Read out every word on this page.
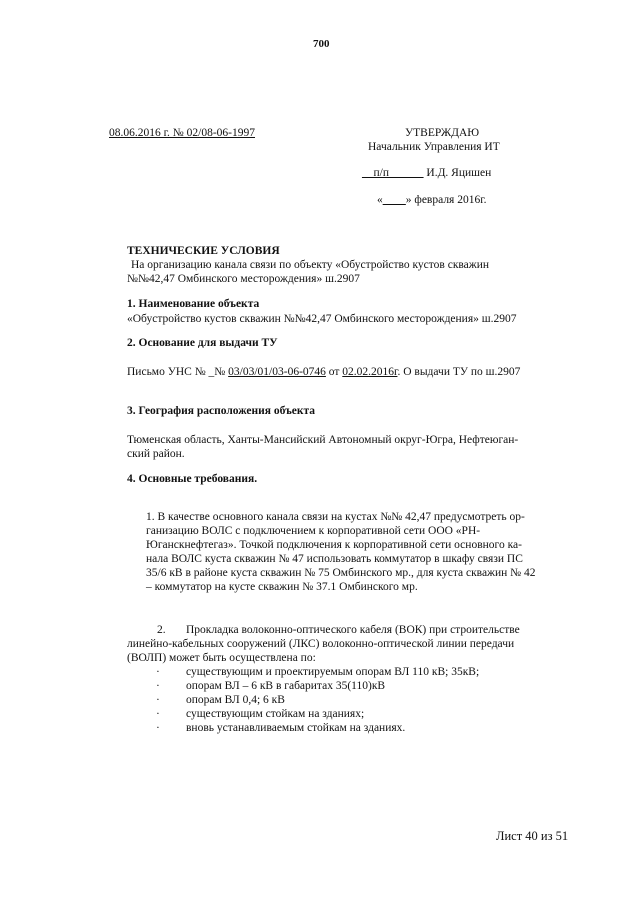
700
08.06.2016 г. № 02/08-06-1997	УТВЕРЖДАЮ
Начальник Управления ИТ
__п/п______ И.Д. Яцишен
«____» февраля 2016г.
ТЕХНИЧЕСКИЕ УСЛОВИЯ
На организацию канала связи по объекту «Обустройство кустов скважин
№№42,47 Омбинского месторождения» ш.2907
1. Наименование объекта
«Обустройство кустов скважин №№42,47 Омбинского месторождения» ш.2907
2. Основание для выдачи ТУ
Письмо УНС № _№ 03/03/01/03-06-0746 от 02.02.2016г. О выдачи ТУ по ш.2907
3. География расположения объекта
Тюменская область, Ханты-Мансийский Автономный округ-Югра, Нефтеюган-
ский район.
4. Основные требования.
1. В качестве основного канала связи на кустах №№ 42,47 предусмотреть ор-
ганизацию ВОЛС с подключением к корпоративной сети ООО «РН-
Юганскнефтегаз». Точкой подключения к корпоративной сети основного ка-
нала ВОЛС куста скважин № 47 использовать коммутатор в шкафу связи ПС
35/6 кВ в районе куста скважин № 75 Омбинского мр., для куста скважин № 42
– коммутатор на кусте скважин № 37.1 Омбинского мр.
2. Прокладка волоконно-оптического кабеля (ВОК) при строительстве
линейно-кабельных сооружений (ЛКС) волоконно-оптической линии передачи
(ВОЛП) может быть осуществлена по:
· существующим и проектируемым опорам ВЛ 110 кВ; 35кВ;
· опорам ВЛ – 6 кВ в габаритах 35(110)кВ
· опорам ВЛ 0,4; 6 кВ
· существующим стойкам на зданиях;
· вновь устанавливаемым стойкам на зданиях.
Лист 40 из 51
